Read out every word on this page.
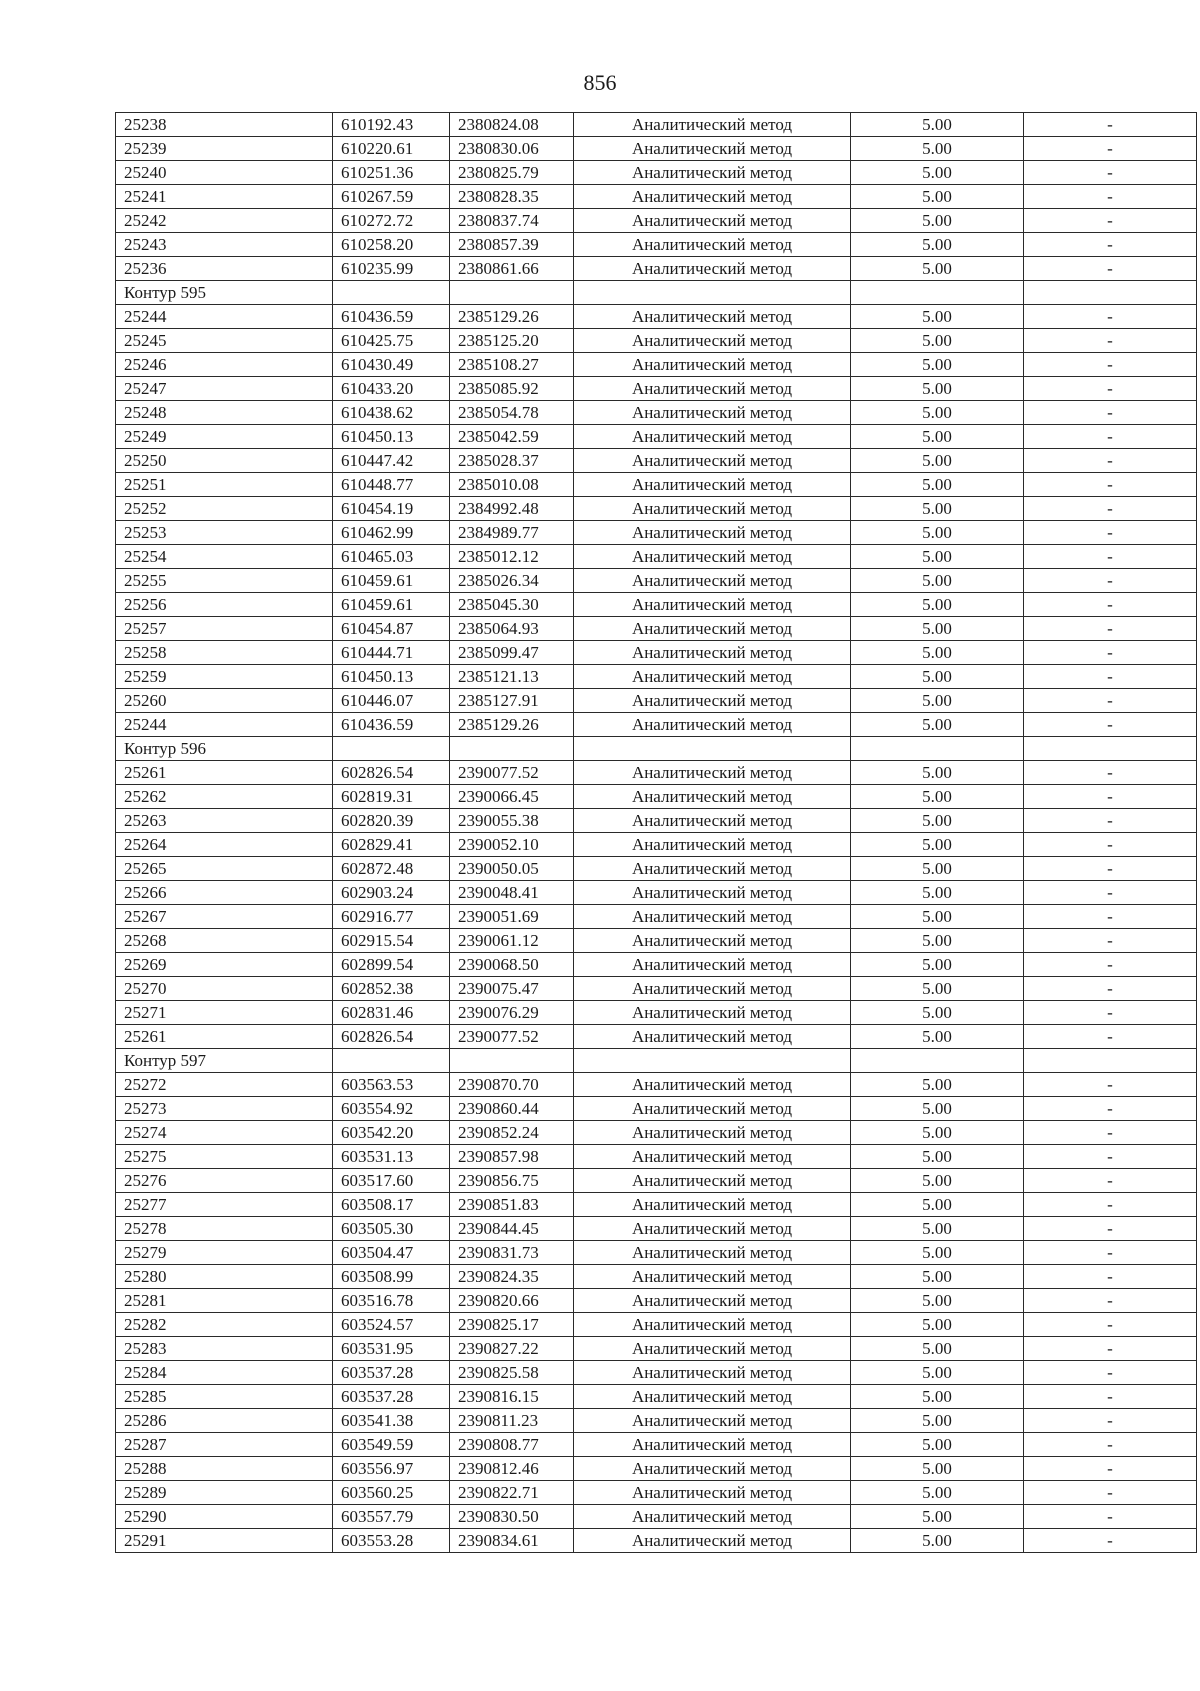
856
25238	610192.43	2380824.08	Аналитический метод	5.00	-
25239	610220.61	2380830.06	Аналитический метод	5.00	-
25240	610251.36	2380825.79	Аналитический метод	5.00	-
25241	610267.59	2380828.35	Аналитический метод	5.00	-
25242	610272.72	2380837.74	Аналитический метод	5.00	-
25243	610258.20	2380857.39	Аналитический метод	5.00	-
25236	610235.99	2380861.66	Аналитический метод	5.00	-
Контур 595					
25244	610436.59	2385129.26	Аналитический метод	5.00	-
25245	610425.75	2385125.20	Аналитический метод	5.00	-
25246	610430.49	2385108.27	Аналитический метод	5.00	-
25247	610433.20	2385085.92	Аналитический метод	5.00	-
25248	610438.62	2385054.78	Аналитический метод	5.00	-
25249	610450.13	2385042.59	Аналитический метод	5.00	-
25250	610447.42	2385028.37	Аналитический метод	5.00	-
25251	610448.77	2385010.08	Аналитический метод	5.00	-
25252	610454.19	2384992.48	Аналитический метод	5.00	-
25253	610462.99	2384989.77	Аналитический метод	5.00	-
25254	610465.03	2385012.12	Аналитический метод	5.00	-
25255	610459.61	2385026.34	Аналитический метод	5.00	-
25256	610459.61	2385045.30	Аналитический метод	5.00	-
25257	610454.87	2385064.93	Аналитический метод	5.00	-
25258	610444.71	2385099.47	Аналитический метод	5.00	-
25259	610450.13	2385121.13	Аналитический метод	5.00	-
25260	610446.07	2385127.91	Аналитический метод	5.00	-
25244	610436.59	2385129.26	Аналитический метод	5.00	-
Контур 596					
25261	602826.54	2390077.52	Аналитический метод	5.00	-
25262	602819.31	2390066.45	Аналитический метод	5.00	-
25263	602820.39	2390055.38	Аналитический метод	5.00	-
25264	602829.41	2390052.10	Аналитический метод	5.00	-
25265	602872.48	2390050.05	Аналитический метод	5.00	-
25266	602903.24	2390048.41	Аналитический метод	5.00	-
25267	602916.77	2390051.69	Аналитический метод	5.00	-
25268	602915.54	2390061.12	Аналитический метод	5.00	-
25269	602899.54	2390068.50	Аналитический метод	5.00	-
25270	602852.38	2390075.47	Аналитический метод	5.00	-
25271	602831.46	2390076.29	Аналитический метод	5.00	-
25261	602826.54	2390077.52	Аналитический метод	5.00	-
Контур 597					
25272	603563.53	2390870.70	Аналитический метод	5.00	-
25273	603554.92	2390860.44	Аналитический метод	5.00	-
25274	603542.20	2390852.24	Аналитический метод	5.00	-
25275	603531.13	2390857.98	Аналитический метод	5.00	-
25276	603517.60	2390856.75	Аналитический метод	5.00	-
25277	603508.17	2390851.83	Аналитический метод	5.00	-
25278	603505.30	2390844.45	Аналитический метод	5.00	-
25279	603504.47	2390831.73	Аналитический метод	5.00	-
25280	603508.99	2390824.35	Аналитический метод	5.00	-
25281	603516.78	2390820.66	Аналитический метод	5.00	-
25282	603524.57	2390825.17	Аналитический метод	5.00	-
25283	603531.95	2390827.22	Аналитический метод	5.00	-
25284	603537.28	2390825.58	Аналитический метод	5.00	-
25285	603537.28	2390816.15	Аналитический метод	5.00	-
25286	603541.38	2390811.23	Аналитический метод	5.00	-
25287	603549.59	2390808.77	Аналитический метод	5.00	-
25288	603556.97	2390812.46	Аналитический метод	5.00	-
25289	603560.25	2390822.71	Аналитический метод	5.00	-
25290	603557.79	2390830.50	Аналитический метод	5.00	-
25291	603553.28	2390834.61	Аналитический метод	5.00	-
